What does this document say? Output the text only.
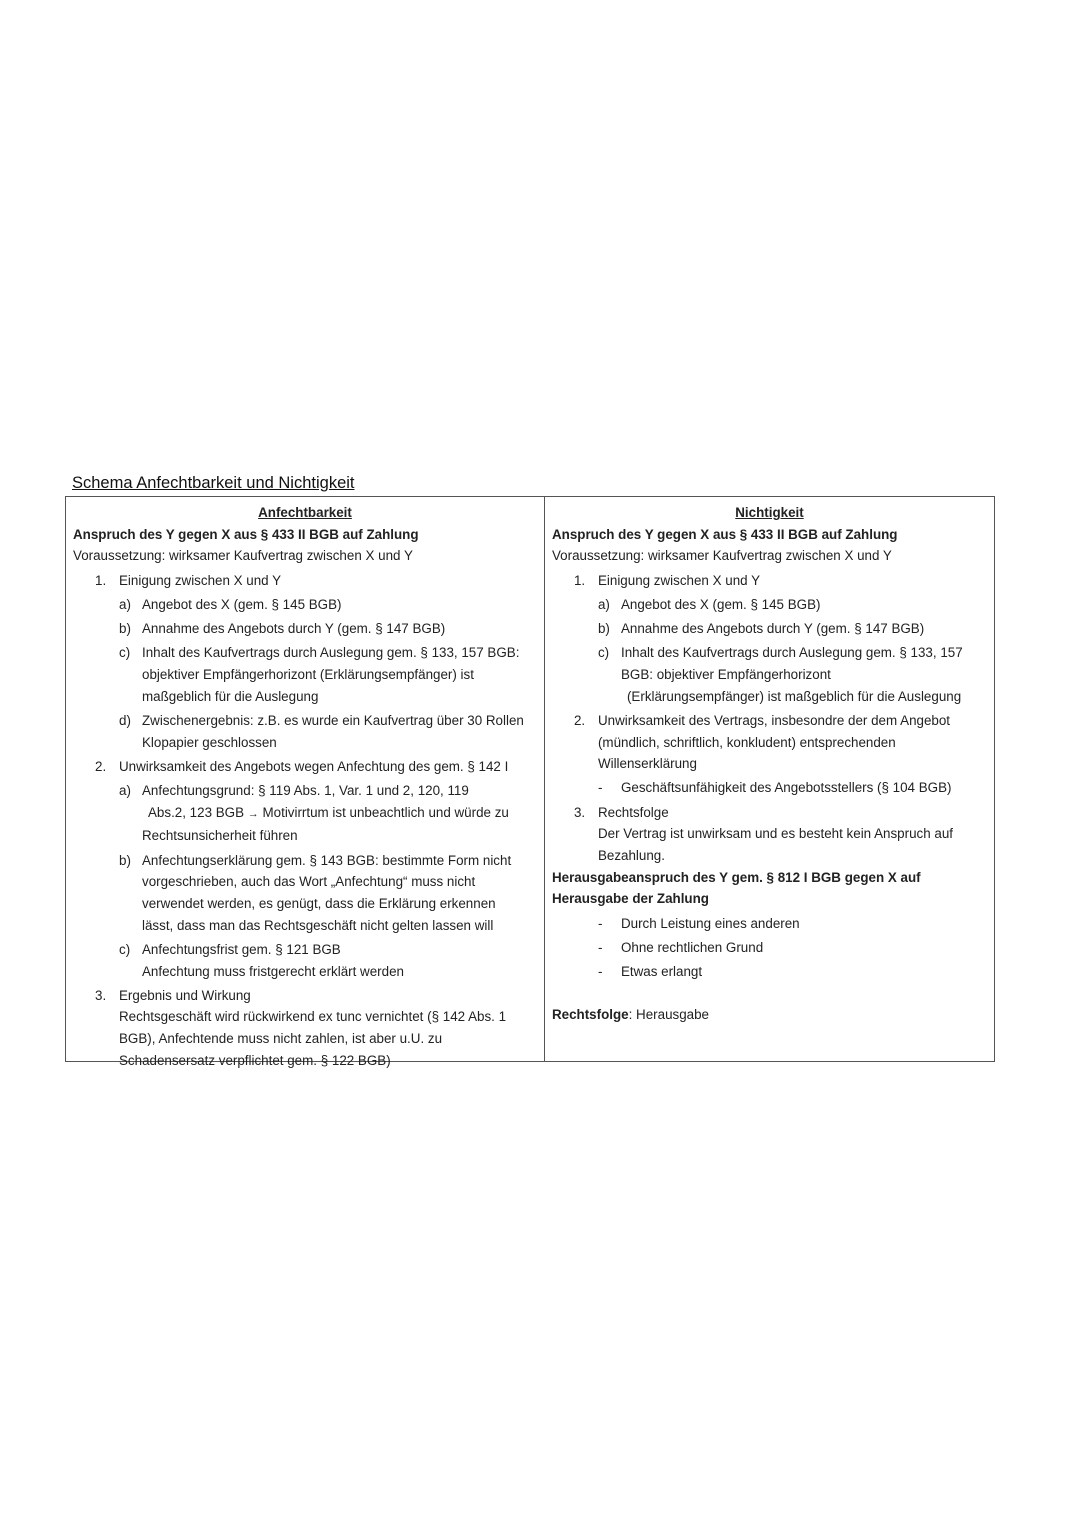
Schema Anfechtbarkeit und Nichtigkeit
Anfechtbarkeit
Anspruch des Y gegen X aus § 433 II BGB auf Zahlung
Voraussetzung: wirksamer Kaufvertrag zwischen X und Y
1. Einigung zwischen X und Y
a) Angebot des X (gem. § 145 BGB)
b) Annahme des Angebots durch Y (gem. § 147 BGB)
c) Inhalt des Kaufvertrags durch Auslegung gem. § 133, 157 BGB:
objektiver Empfängerhorizont (Erklärungsempfänger) ist
maßgeblich für die Auslegung
d) Zwischenergebnis: z.B. es wurde ein Kaufvertrag über 30 Rollen
Klopapier geschlossen
2. Unwirksamkeit des Angebots wegen Anfechtung des gem. § 142 I
a) Anfechtungsgrund: § 119 Abs. 1, Var. 1 und 2, 120, 119
Abs.2, 123 BGB → Motivirrtum ist unbeachtlich und würde zu
Rechtsunsicherheit führen
b) Anfechtungserklärung gem. § 143 BGB: bestimmte Form nicht
vorgeschrieben, auch das Wort „Anfechtung“ muss nicht
verwendet werden, es genügt, dass die Erklärung erkennen
lässt, dass man das Rechtsgeschäft nicht gelten lassen will
c) Anfechtungsfrist gem. § 121 BGB
Anfechtung muss fristgerecht erklärt werden
3. Ergebnis und Wirkung
Rechtsgeschäft wird rückwirkend ex tunc vernichtet (§ 142 Abs. 1
BGB), Anfechtende muss nicht zahlen, ist aber u.U. zu
Schadensersatz verpflichtet gem. § 122 BGB)
Nichtigkeit
Anspruch des Y gegen X aus § 433 II BGB auf Zahlung
Voraussetzung: wirksamer Kaufvertrag zwischen X und Y
1. Einigung zwischen X und Y
a) Angebot des X (gem. § 145 BGB)
b) Annahme des Angebots durch Y (gem. § 147 BGB)
c) Inhalt des Kaufvertrags durch Auslegung gem. § 133, 157
BGB: objektiver Empfängerhorizont
(Erklärungsempfänger) ist maßgeblich für die Auslegung
2. Unwirksamkeit des Vertrags, insbesondre der dem Angebot
(mündlich, schriftlich, konkludent) entsprechenden
Willenserklärung
- Geschäftsunfähigkeit des Angebotsstellers (§ 104 BGB)
3. Rechtsfolge
Der Vertrag ist unwirksam und es besteht kein Anspruch auf
Bezahlung.
Herausgabeanspruch des Y gem. § 812 I BGB gegen X auf
Herausgabe der Zahlung
- Durch Leistung eines anderen
- Ohne rechtlichen Grund
- Etwas erlangt
Rechtsfolge: Herausgabe
